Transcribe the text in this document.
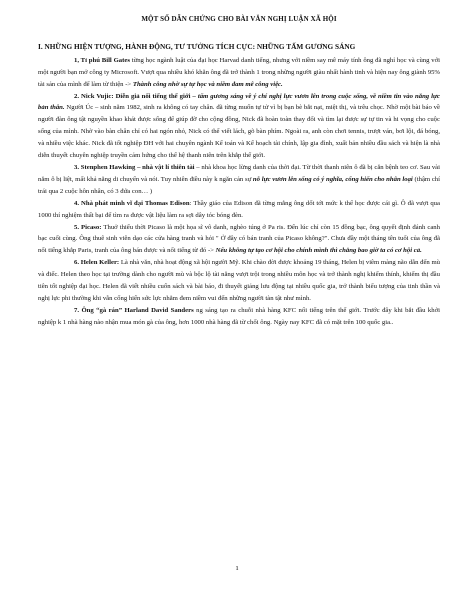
MỘT SỐ DẪN CHỨNG CHO BÀI VĂN NGHỊ LUẬN XÃ HỘI
I. NHỮNG HIỆN TƯỢNG, HÀNH ĐỘNG, TƯ TƯỞNG TÍCH CỰC: NHỮNG TẤM GƯƠNG SÁNG

1, Tỉ phú Bill Gates từng học ngành luật của đại học Harvad danh tiếng, nhưng với niềm say mê máy tính ông đã nghỉ học và cùng với một người bạn mở công ty Microsoft. Vượt qua nhiều khó khăn ông đã trở thành 1 trong những người giàu nhất hành tinh và hiện nay ông giành 95% tài sản của mình để làm từ thiện -> Thành công nhờ sự tự học và niềm đam mê công việc.

2. Nick Vujic: Diễn giả nổi tiếng thế giới – tấm gương sáng về ý chí nghị lực vươn lên trong cuộc sống, về niềm tin vào năng lực bản thân. Người Úc – sinh năm 1982, sinh ra không có tay chân. đã từng muốn tự tử vì bị bạn bè bắt nạt, miệt thị, và trêu chọc. Nhờ một bài báo về người đàn ông tật nguyền khao khát được sống để giúp đỡ cho cộng đồng, Nick đã hoàn toàn thay đổi và tìm lại được sự tự tin và hi vọng cho cuộc sống của mình. Nhờ vào bàn chân chỉ có hai ngón nhỏ, Nick có thể viết lách, gõ bàn phím. Ngoài ra, anh còn chơi tennis, trượt ván, bơi lội, đá bóng, và nhiều việc khác. Nick đã tốt nghiệp ĐH với hai chuyên ngành Kế toán và Kế hoạch tài chính, lập gia đình, xuất bản nhiều đầu sách và hiện là nhà diễn thuyết chuyên nghiệp truyền cảm hứng cho thế hệ thanh niên trên khắp thế giới.

3. Stenphen Hawking – nhà vật lí thiên tài – nhà khoa học lừng danh của thời đại. Từ thời thanh niên ô đã bị căn bệnh teo cơ. Sau vài năm ô bị liệt, mất khả năng di chuyển và nói. Tuy nhiên điều này k ngăn cản sự nỗ lực vươn lên sống có ý nghĩa, cống hiến cho nhân loại (thậm chí trái qua 2 cuộc hôn nhân, có 3 đứa con… )

4. Nhà phát minh vĩ đại Thomas Edison: Thầy giáo của Edison đã từng mắng ông dốt tới mức k thể học được cái gì. Ô đã vượt qua 1000 thí nghiệm thất bại để tìm ra được vật liệu làm ra sợi dây tóc bóng đèn.

5. Picaso: Thuở thiếu thời Picaso là một họa sĩ vô danh, nghèo túng ở Pa ris. Đến lúc chỉ còn 15 đồng bạc, ông quyết định đánh canh bạc cuối cùng. Ông thuê sinh viên dạo các cửa hàng tranh và hỏi " Ở đây có bán tranh của Picaso không?". Chưa đầy một tháng tên tuổi của ông đã nổi tiếng khắp Paris, tranh của ông bán được và nổi tiếng từ đó -> Nếu không tự tạo cơ hội cho chính mình thì chẳng bao giờ ta có cơ hội cả.

6. Helen Keller: Là nhà văn, nhà hoạt động xã hội người Mỹ. Khi chào đời được khoảng 19 tháng, Helen bị viêm màng não dẫn đến mù và điếc. Helen theo học tại trường dành cho người mù và bộc lộ tài năng vượt trội trong nhiều môn học và trở thành nghị khiếm thính, khiếm thị đầu tiên tốt nghiệp đại học. Helen đã viết nhiều cuốn sách và bài báo, đi thuyết giảng lưu động tại nhiều quốc gia, trở thành biểu tượng của tinh thần và nghị lực phi thường khi vẫn cống hiến sức lực nhằm đem niềm vui đến những người tàn tật như mình.

7. Ông “gà rán” Harland David Sanders ng sáng tạo ra chuỗi nhà hàng KFC nổi tiếng trên thế giới. Trước đây khi bắt đầu khởi nghiệp k 1 nhà hàng nào nhận mua món gà của ông, hơn 1000 nhà hàng đã từ chối ông. Ngày nay KFC đã có mặt trên 100 quốc gia..

1
